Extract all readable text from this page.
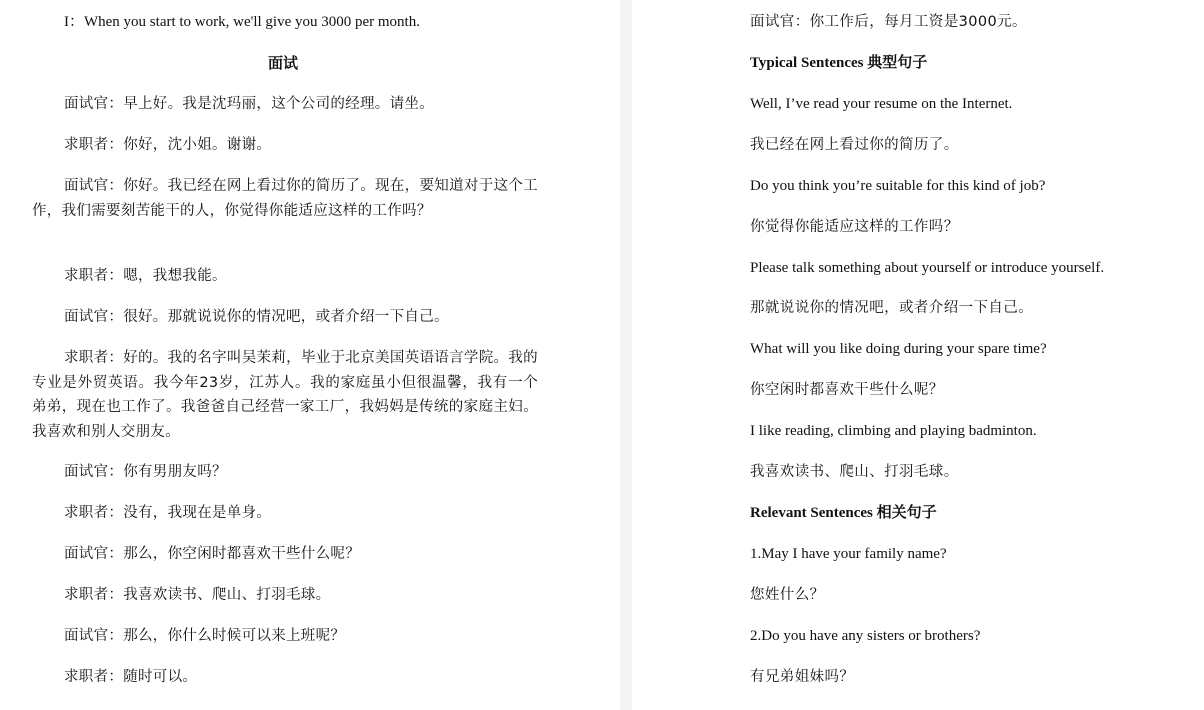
I：When you start to work, we'll give you 3000 per month.
面试
面试官：早上好。我是沈玛丽，这个公司的经理。请坐。
求职者：你好，沈小姐。谢谢。
面试官：你好。我已经在网上看过你的简历了。现在，要知道对于这个工作，我们需要刻苦能干的人，你觉得你能适应这样的工作吗？
求职者：嗯，我想我能。
面试官：很好。那就说说你的情况吧，或者介绍一下自己。
求职者：好的。我的名字叫吴茉莉，毕业于北京美国英语语言学院。我的专业是外贸英语。我今年23岁，江苏人。我的家庭虽小但很温馨，我有一个弟弟，现在也工作了。我爸爸自己经营一家工厂，我妈妈是传统的家庭主妇。我喜欢和别人交朋友。
面试官：你有男朋友吗？
求职者：没有，我现在是单身。
面试官：那么，你空闲时都喜欢干些什么呢？
求职者：我喜欢读书、爬山、打羽毛球。
面试官：那么，你什么时候可以来上班呢？
求职者：随时可以。
面试官：你工作后，每月工资是3000元。
Typical Sentences 典型句子
Well, I’ve read your resume on the Internet.
我已经在网上看过你的简历了。
Do you think you’re suitable for this kind of job?
你觉得你能适应这样的工作吗？
Please talk something about yourself or introduce yourself.
那就说说你的情况吧，或者介绍一下自己。
What will you like doing during your spare time?
你空闲时都喜欢干些什么呢？
I like reading, climbing and playing badminton.
我喜欢读书、爬山、打羽毛球。
Relevant Sentences 相关句子
1.May I have your family name?
您姓什么？
2.Do you have any sisters or brothers?
有兄弟姐妹吗？
